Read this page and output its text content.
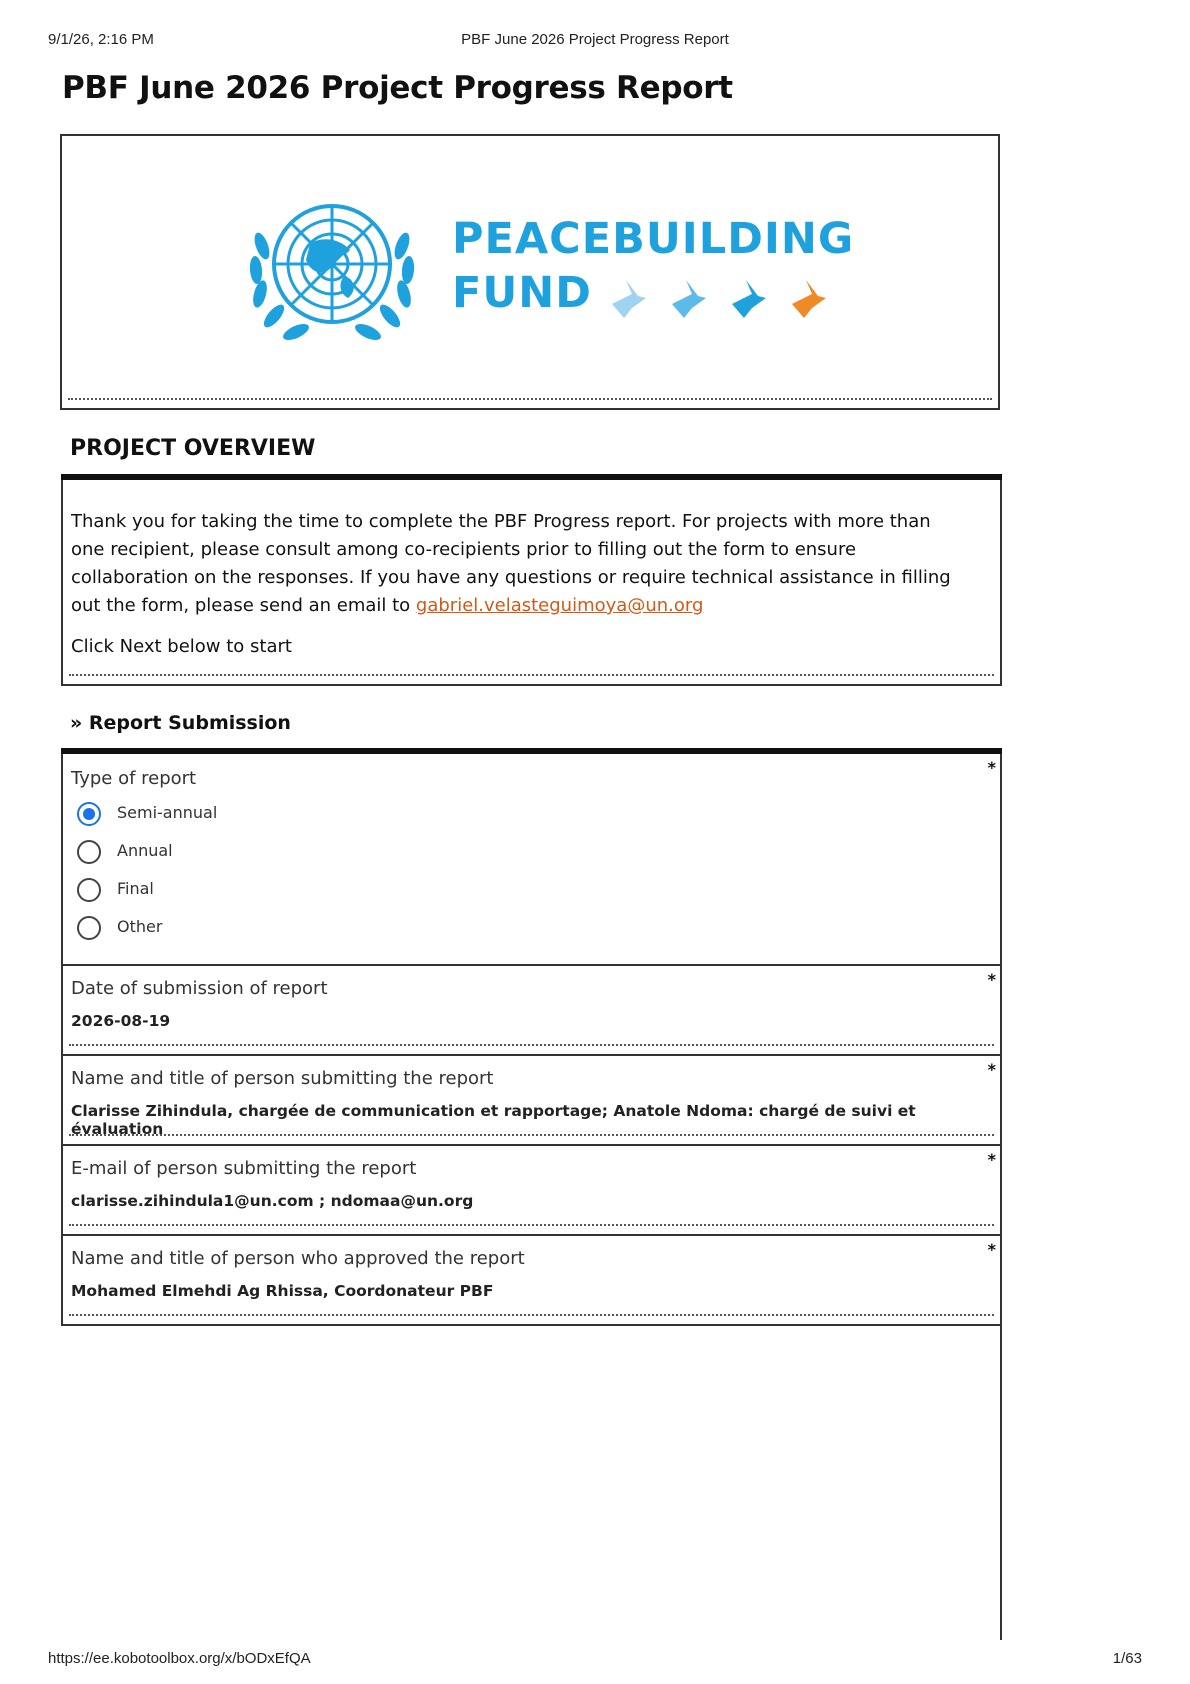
9/1/26, 2:16 PM	PBF June 2026 Project Progress Report
PBF June 2026 Project Progress Report
PEACEBUILDING
FUND
PROJECT OVERVIEW

Thank you for taking the time to complete the PBF Progress report. For projects with more than one recipient, please consult among co-recipients prior to filling out the form to ensure collaboration on the responses. If you have any questions or require technical assistance in filling out the form, please send an email to gabriel.velasteguimoya@un.org

Click Next below to start

» Report Submission
Type of report
*
Semi-annual
Annual
Final
Other
Date of submission of report	*
2026-08-19
Name and title of person submitting the report	*
Clarisse Zihindula, chargée de communication et rapportage; Anatole Ndoma: chargé de suivi et évaluation
E-mail of person submitting the report	*
clarisse.zihindula1@un.com ; ndomaa@un.org
Name and title of person who approved the report	*
Mohamed Elmehdi Ag Rhissa, Coordonateur PBF
https://ee.kobotoolbox.org/x/bODxEfQA	1/63
